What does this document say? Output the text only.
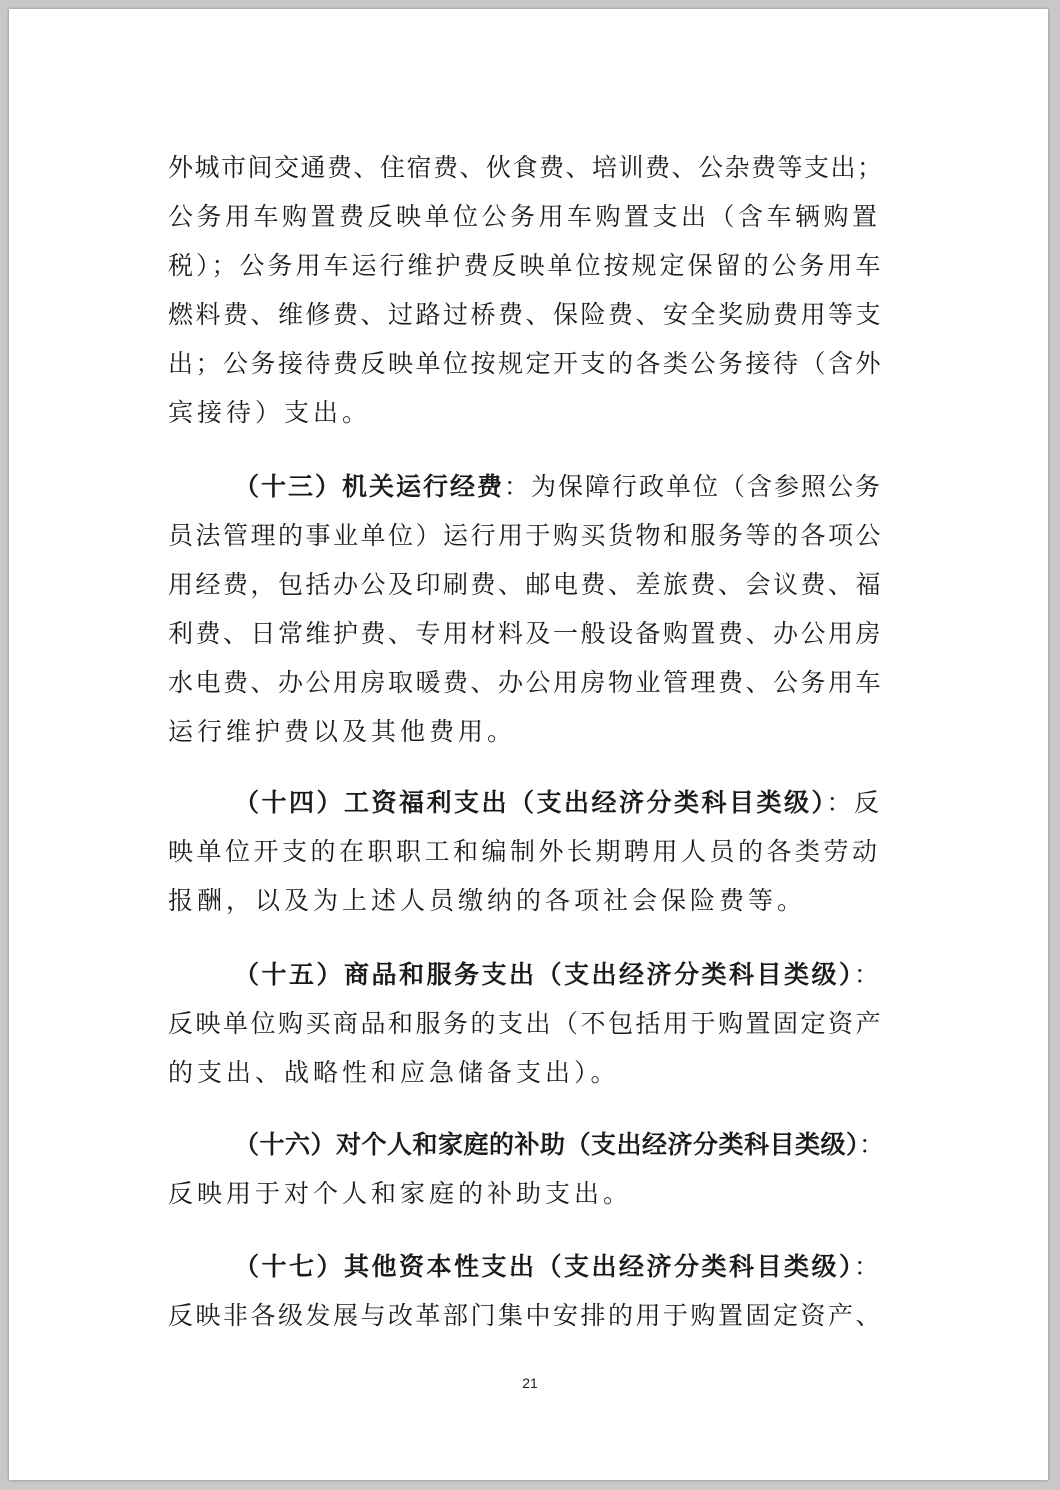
外城市间交通费、住宿费、伙食费、培训费、公杂费等支出；
公务用车购置费反映单位公务用车购置支出（含车辆购置
税）；公务用车运行维护费反映单位按规定保留的公务用车
燃料费、维修费、过路过桥费、保险费、安全奖励费用等支
出；公务接待费反映单位按规定开支的各类公务接待（含外
宾接待）支出。
（十三）机关运行经费：为保障行政单位（含参照公务
员法管理的事业单位）运行用于购买货物和服务等的各项公
用经费，包括办公及印刷费、邮电费、差旅费、会议费、福
利费、日常维护费、专用材料及一般设备购置费、办公用房
水电费、办公用房取暖费、办公用房物业管理费、公务用车
运行维护费以及其他费用。
（十四）工资福利支出（支出经济分类科目类级）：反
映单位开支的在职职工和编制外长期聘用人员的各类劳动
报酬，以及为上述人员缴纳的各项社会保险费等。
（十五）商品和服务支出（支出经济分类科目类级）：
反映单位购买商品和服务的支出（不包括用于购置固定资产
的支出、战略性和应急储备支出）。
（十六）对个人和家庭的补助（支出经济分类科目类级）：
反映用于对个人和家庭的补助支出。
（十七）其他资本性支出（支出经济分类科目类级）：
反映非各级发展与改革部门集中安排的用于购置固定资产、
21
